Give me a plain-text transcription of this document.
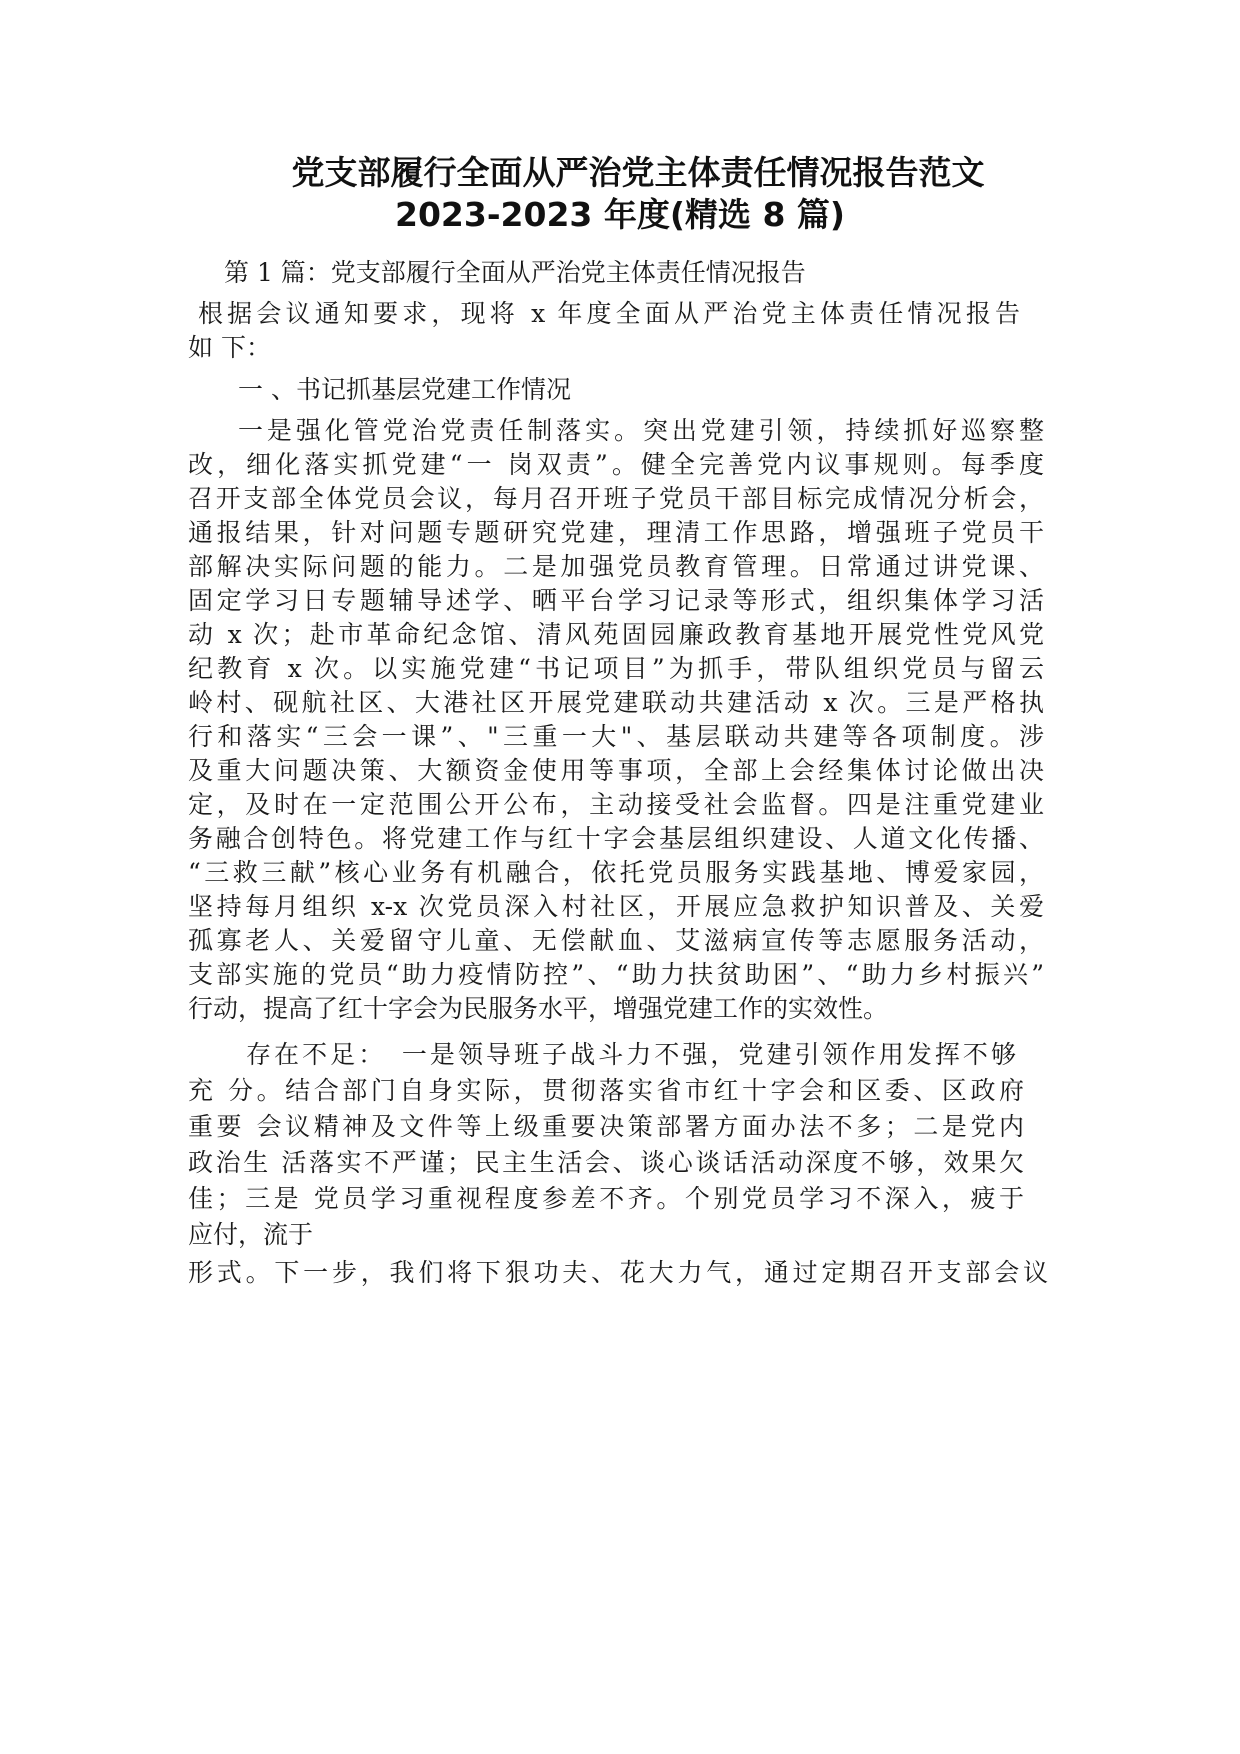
党支部履行全面从严治党主体责任情况报告范文
2023-2023 年度(精选 8 篇)
第 1 篇：党支部履行全面从严治党主体责任情况报告
根据会议通知要求，现将 x 年度全面从严治党主体责任情况报告
如 下：
一 、书记抓基层党建工作情况
一是强化管党治党责任制落实。突出党建引领，持续抓好巡察整
改，细化落实抓党建“一 岗双责”。健全完善党内议事规则。每季度
召开支部全体党员会议，每月召开班子党员干部目标完成情况分析会，
通报结果，针对问题专题研究党建，理清工作思路，增强班子党员干
部解决实际问题的能力。二是加强党员教育管理。日常通过讲党课、
固定学习日专题辅导述学、晒平台学习记录等形式，组织集体学习活
动 x 次；赴市革命纪念馆、清风苑固园廉政教育基地开展党性党风党
纪教育 x 次。以实施党建“书记项目”为抓手，带队组织党员与留云
岭村、砚航社区、大港社区开展党建联动共建活动 x 次。三是严格执
行和落实“三会一课”、"三重一大"、基层联动共建等各项制度。涉
及重大问题决策、大额资金使用等事项，全部上会经集体讨论做出决
定，及时在一定范围公开公布，主动接受社会监督。四是注重党建业
务融合创特色。将党建工作与红十字会基层组织建设、人道文化传播、
“三救三献”核心业务有机融合，依托党员服务实践基地、博爱家园，
坚持每月组织 x-x 次党员深入村社区，开展应急救护知识普及、关爱
孤寡老人、关爱留守儿童、无偿献血、艾滋病宣传等志愿服务活动，
支部实施的党员“助力疫情防控”、“助力扶贫助困”、“助力乡村振兴”
行动，提高了红十字会为民服务水平，增强党建工作的实效性。
存在不足：　一是领导班子战斗力不强，党建引领作用发挥不够
充 分。结合部门自身实际，贯彻落实省市红十字会和区委、区政府
重要 会议精神及文件等上级重要决策部署方面办法不多；二是党内
政治生 活落实不严谨；民主生活会、谈心谈话活动深度不够，效果欠
佳；三是 党员学习重视程度参差不齐。个别党员学习不深入，疲于
应付，流于
形式。下一步，我们将下狠功夫、花大力气，通过定期召开支部会议
